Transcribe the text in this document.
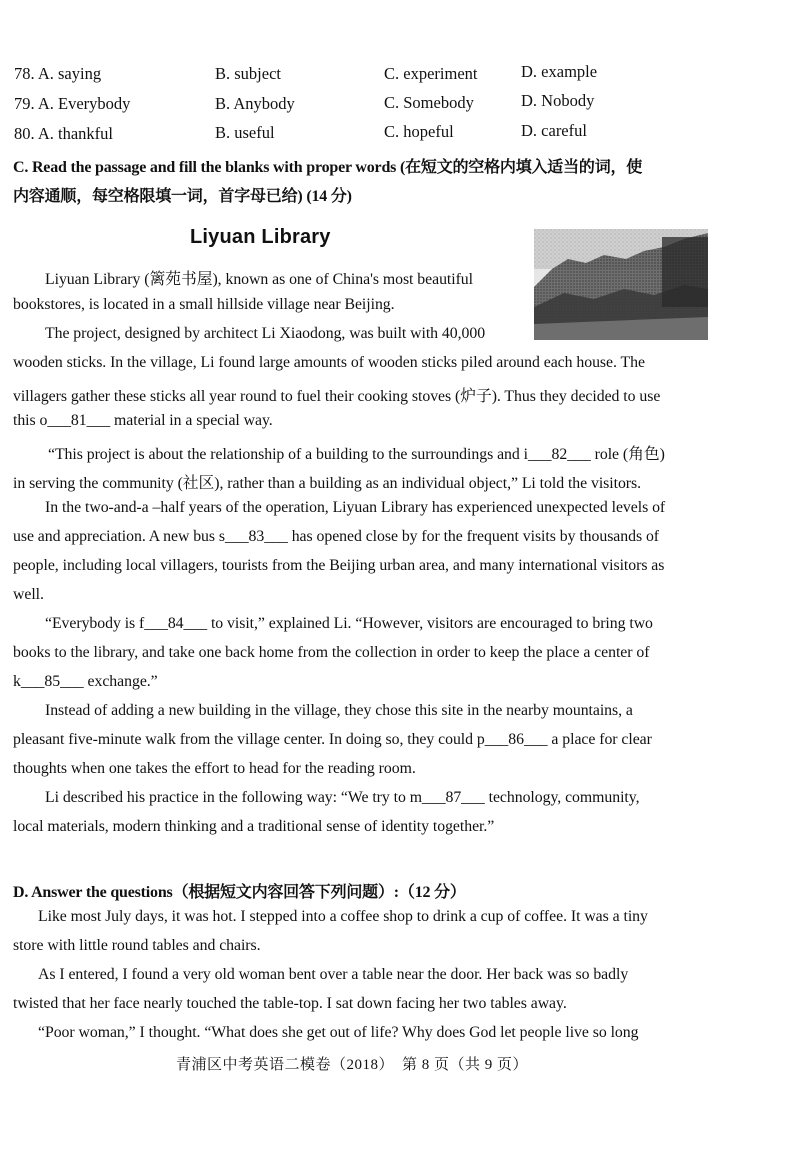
78. A. saying	B. subject	C. experiment	D. example
79. A. Everybody	B. Anybody	C. Somebody	D. Nobody
80. A. thankful	B. useful	C. hopeful	D. careful
C. Read the passage and fill the blanks with proper words (在短文的空格内填入适当的词，使
内容通顺，每空格限填一词，首字母已给) (14 分)
Liyuan Library
Liyuan Library (篱苑书屋), known as one of China's most beautiful
bookstores, is located in a small hillside village near Beijing.
The project, designed by architect Li Xiaodong, was built with 40,000
wooden sticks. In the village, Li found large amounts of wooden sticks piled around each house. The
villagers gather these sticks all year round to fuel their cooking stoves (炉子). Thus they decided to use
this o___81___ material in a special way.
“This project is about the relationship of a building to the surroundings and i___82___ role (角色)
in serving the community (社区), rather than a building as an individual object,” Li told the visitors.
In the two-and-a –half years of the operation, Liyuan Library has experienced unexpected levels of
use and appreciation. A new bus s___83___ has opened close by for the frequent visits by thousands of
people, including local villagers, tourists from the Beijing urban area, and many international visitors as
well.
“Everybody is f___84___ to visit,” explained Li. “However, visitors are encouraged to bring two
books to the library, and take one back home from the collection in order to keep the place a center of
k___85___ exchange.”
Instead of adding a new building in the village, they chose this site in the nearby mountains, a
pleasant five-minute walk from the village center. In doing so, they could p___86___ a place for clear
thoughts when one takes the effort to head for the reading room.
Li described his practice in the following way: “We try to m___87___ technology, community,
local materials, modern thinking and a traditional sense of identity together.”
D. Answer the questions（根据短文内容回答下列问题）:（12 分）
Like most July days, it was hot. I stepped into a coffee shop to drink a cup of coffee. It was a tiny
store with little round tables and chairs.
As I entered, I found a very old woman bent over a table near the door. Her back was so badly
twisted that her face nearly touched the table-top. I sat down facing her two tables away.
“Poor woman,” I thought. “What does she get out of life? Why does God let people live so long
青浦区中考英语二模卷（2018）　第 8 页（共 9 页）
